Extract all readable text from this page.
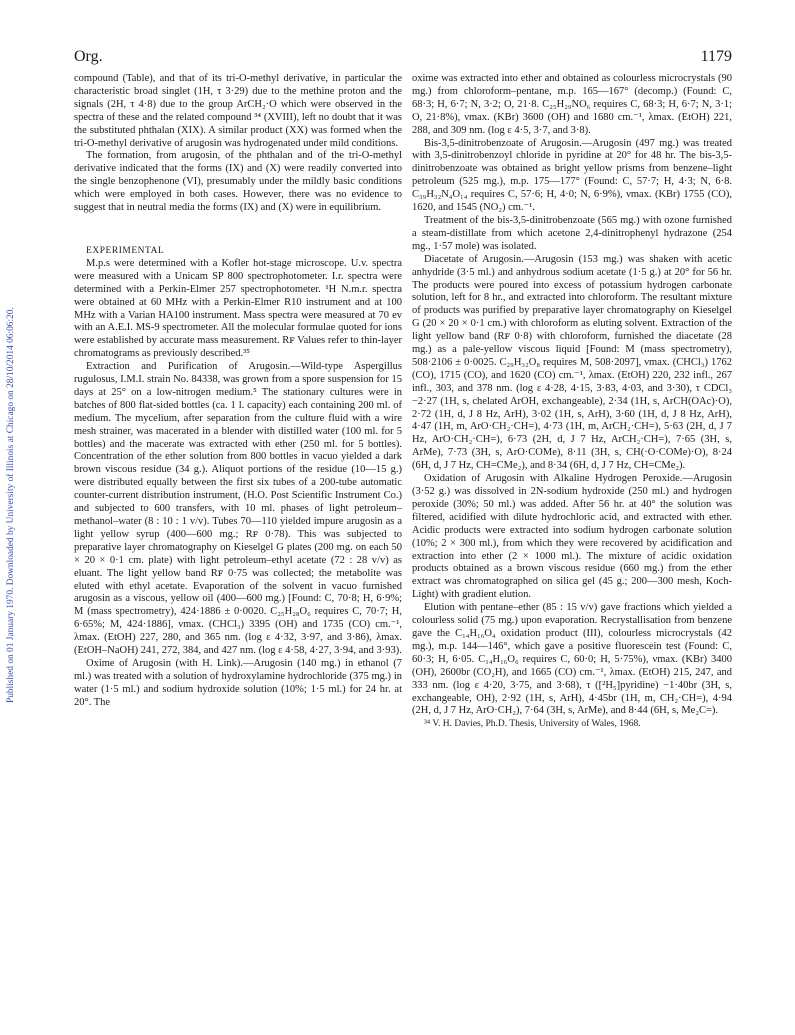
Published on 01 January 1970. Downloaded by University of Illinois at Chicago on 28/10/2014 06:06:20.
Org.	1179

compound (Table), and that of its tri-O-methyl derivative, in particular the characteristic broad singlet (1H, τ 3·29) due to the methine proton and the signals (2H, τ 4·8) due to the group ArCH₂·O which were observed in the spectra of these and the related compound ³⁴ (XVIII), left no doubt that it was the substituted phthalan (XIX). A similar product (XX) was formed when the tri-O-methyl derivative of arugosin was hydrogenated under mild conditions.

The formation, from arugosin, of the phthalan and of the tri-O-methyl derivative indicated that the forms (IX) and (X) were readily converted into the single benzophenone (VI), presumably under the mildly basic conditions which were employed in both cases. However, there was no evidence to suggest that in neutral media the forms (IX) and (X) were in equilibrium.

EXPERIMENTAL

M.p.s were determined with a Kofler hot-stage microscope. U.v. spectra were measured with a Unicam SP 800 spectrophotometer. I.r. spectra were determined with a Perkin-Elmer 257 spectrophotometer. ¹H N.m.r. spectra were obtained at 60 MHz with a Perkin-Elmer R10 instrument and at 100 MHz with a Varian HA100 instrument. Mass spectra were measured at 70 ev with an A.E.I. MS-9 spectrometer. All the molecular formulae quoted for ions were established by accurate mass measurement. Rꜰ Values refer to thin-layer chromatograms as previously described.³⁵

Extraction and Purification of Arugosin.—Wild-type Aspergillus rugulosus, I.M.I. strain No. 84338, was grown from a spore suspension for 15 days at 25° on a low-nitrogen medium.⁵ The stationary cultures were in batches of 800 flat-sided bottles (ca. 1 l. capacity) each containing 200 ml. of medium. The mycelium, after separation from the culture fluid with a wire mesh strainer, was macerated in a blender with distilled water (100 ml. for 5 bottles) and the macerate was extracted with ether (250 ml. for 5 bottles). Concentration of the ether solution from 800 bottles in vacuo yielded a dark brown viscous residue (34 g.). Aliquot portions of the residue (10—15 g.) were distributed equally between the first six tubes of a 200-tube automatic counter-current distribution instrument, (H.O. Post Scientific Instrument Co.) and subjected to 600 transfers, with 10 ml. phases of light petroleum–methanol–water (8 : 10 : 1 v/v). Tubes 70—110 yielded impure arugosin as a light yellow syrup (400—600 mg.; Rꜰ 0·78). This was subjected to preparative layer chromatography on Kieselgel G plates (200 mg. on each 50 × 20 × 0·1 cm. plate) with light petroleum–ethyl acetate (72 : 28 v/v) as eluant. The light yellow band Rꜰ 0·75 was collected; the metabolite was eluted with ethyl acetate. Evaporation of the solvent in vacuo furnished arugosin as a viscous, yellow oil (400—600 mg.) [Found: C, 70·8; H, 6·9%; M (mass spectrometry), 424·1886 ± 0·0020. C₂₅H₂₈O₆ requires C, 70·7; H, 6·65%; M, 424·1886], νmax. (CHCl₃) 3395 (OH) and 1735 (CO) cm.⁻¹, λmax. (EtOH) 227, 280, and 365 nm. (log ε 4·32, 3·97, and 3·86), λmax. (EtOH–NaOH) 241, 272, 384, and 427 nm. (log ε 4·58, 4·27, 3·94, and 3·93).

Oxime of Arugosin (with H. Link).—Arugosin (140 mg.) in ethanol (7 ml.) was treated with a solution of hydroxylamine hydrochloride (375 mg.) in water (1·5 ml.) and sodium hydroxide solution (10%; 1·5 ml.) for 24 hr. at 20°. The

oxime was extracted into ether and obtained as colourless microcrystals (90 mg.) from chloroform–pentane, m.p. 165—167° (decomp.) (Found: C, 68·3; H, 6·7; N, 3·2; O, 21·8. C₂₅H₂₉NO₆ requires C, 68·3; H, 6·7; N, 3·1; O, 21·8%), νmax. (KBr) 3600 (OH) and 1680 cm.⁻¹, λmax. (EtOH) 221, 288, and 309 nm. (log ε 4·5, 3·7, and 3·8).

Bis-3,5-dinitrobenzoate of Arugosin.—Arugosin (497 mg.) was treated with 3,5-dinitrobenzoyl chloride in pyridine at 20° for 48 hr. The bis-3,5-dinitrobenzoate was obtained as bright yellow prisms from benzene–light petroleum (525 mg.), m.p. 175—177° (Found: C, 57·7; H, 4·3; N, 6·8. C₃₉H₃₂N₄O₁₄ requires C, 57·6; H, 4·0; N, 6·9%), νmax. (KBr) 1755 (CO), 1620, and 1545 (NO₂) cm.⁻¹.

Treatment of the bis-3,5-dinitrobenzoate (565 mg.) with ozone furnished a steam-distillate from which acetone 2,4-dinitrophenyl hydrazone (254 mg., 1·57 mole) was isolated.

Diacetate of Arugosin.—Arugosin (153 mg.) was shaken with acetic anhydride (3·5 ml.) and anhydrous sodium acetate (1·5 g.) at 20° for 56 hr. The products were poured into excess of potassium hydrogen carbonate solution, left for 8 hr., and extracted into chloroform. The resultant mixture of products was purified by preparative layer chromatography on Kieselgel G (20 × 20 × 0·1 cm.) with chloroform as eluting solvent. Extraction of the light yellow band (Rꜰ 0·8) with chloroform, furnished the diacetate (28 mg.) as a pale-yellow viscous liquid [Found: M (mass spectrometry), 508·2106 ± 0·0025. C₂₉H₃₂O₈ requires M, 508·2097], νmax. (CHCl₃) 1762 (CO), 1715 (CO), and 1620 (CO) cm.⁻¹, λmax. (EtOH) 220, 232 infl., 267 infl., 303, and 378 nm. (log ε 4·28, 4·15, 3·83, 4·03, and 3·30), τ CDCl₃ −2·27 (1H, s, chelated ArOH, exchangeable), 2·34 (1H, s, ArCH(OAc)·O), 2·72 (1H, d, J 8 Hz, ArH), 3·02 (1H, s, ArH), 3·60 (1H, d, J 8 Hz, ArH), 4·47 (1H, m, ArO·CH₂·CH=), 4·73 (1H, m, ArCH₂·CH=), 5·63 (2H, d, J 7 Hz, ArO·CH₂·CH=), 6·73 (2H, d, J 7 Hz, ArCH₂·CH=), 7·65 (3H, s, ArMe), 7·73 (3H, s, ArO·COMe), 8·11 (3H, s, CH(·O·COMe)·O), 8·24 (6H, d, J 7 Hz, CH=CMe₂), and 8·34 (6H, d, J 7 Hz, CH=CMe₂).

Oxidation of Arugosin with Alkaline Hydrogen Peroxide.—Arugosin (3·52 g.) was dissolved in 2N-sodium hydroxide (250 ml.) and hydrogen peroxide (30%; 50 ml.) was added. After 56 hr. at 40° the solution was filtered, acidified with dilute hydrochloric acid, and extracted with ether. Acidic products were extracted into sodium hydrogen carbonate solution (10%; 2 × 300 ml.), from which they were recovered by acidification and extraction into ether (2 × 1000 ml.). The mixture of acidic oxidation products obtained as a brown viscous residue (660 mg.) from the ether extract was chromatographed on silica gel (45 g.; 200—300 mesh, Koch-Light) with gradient elution.

Elution with pentane–ether (85 : 15 v/v) gave fractions which yielded a colourless solid (75 mg.) upon evaporation. Recrystallisation from benzene gave the C₁₄H₁₆O₄ oxidation product (III), colourless microcrystals (42 mg.), m.p. 144—146°, which gave a positive fluorescein test (Found: C, 60·3; H, 6·05. C₁₄H₁₆O₆ requires C, 60·0; H, 5·75%), νmax. (KBr) 3400 (OH), 2600br (CO₂H), and 1665 (CO) cm.⁻¹, λmax. (EtOH) 215, 247, and 333 nm. (log ε 4·20, 3·75, and 3·68), τ ([²H₅]pyridine) −1·40br (3H, s, exchangeable, OH), 2·92 (1H, s, ArH), 4·45br (1H, m, CH₂·CH=), 4·94 (2H, d, J 7 Hz, ArO·CH₂), 7·64 (3H, s, ArMe), and 8·44 (6H, s, Me₂C=).

³⁴ V. H. Davies, Ph.D. Thesis, University of Wales, 1968.
